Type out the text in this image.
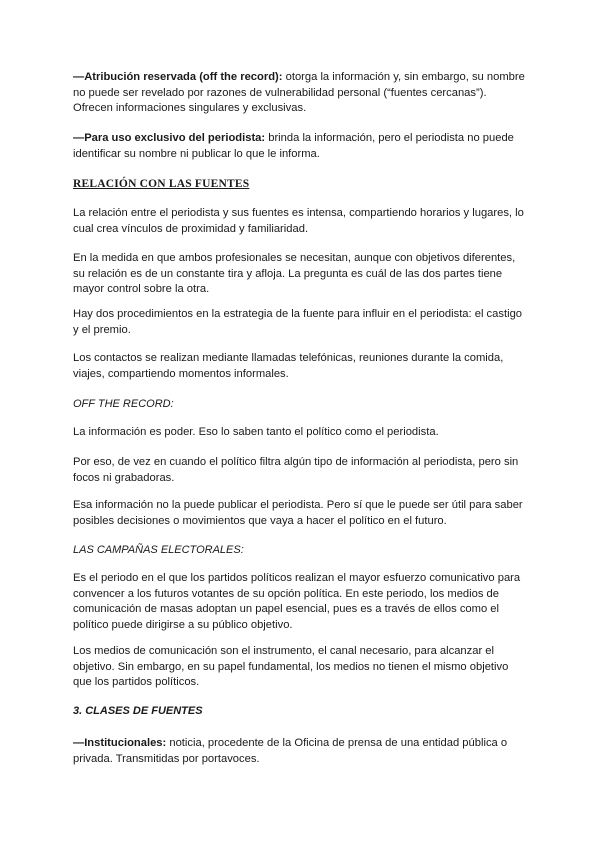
—Atribución reservada (off the record): otorga la información y, sin embargo, su nombre no puede ser revelado por razones de vulnerabilidad personal (“fuentes cercanas”). Ofrecen informaciones singulares y exclusivas.

—Para uso exclusivo del periodista: brinda la información, pero el periodista no puede identificar su nombre ni publicar lo que le informa.

RELACIÓN CON LAS FUENTES

La relación entre el periodista y sus fuentes es intensa, compartiendo horarios y lugares, lo cual crea vínculos de proximidad y familiaridad.

En la medida en que ambos profesionales se necesitan, aunque con objetivos diferentes, su relación es de un constante tira y afloja. La pregunta es cuál de las dos partes tiene mayor control sobre la otra.

Hay dos procedimientos en la estrategia de la fuente para influir en el periodista: el castigo y el premio.

Los contactos se realizan mediante llamadas telefónicas, reuniones durante la comida, viajes, compartiendo momentos informales.

OFF THE RECORD:

La información es poder. Eso lo saben tanto el político como el periodista.

Por eso, de vez en cuando el político filtra algún tipo de información al periodista, pero sin focos ni grabadoras.

Esa información no la puede publicar el periodista. Pero sí que le puede ser útil para saber posibles decisiones o movimientos que vaya a hacer el político en el futuro.

LAS CAMPAÑAS ELECTORALES:

Es el periodo en el que los partidos políticos realizan el mayor esfuerzo comunicativo para convencer a los futuros votantes de su opción política. En este periodo, los medios de comunicación de masas adoptan un papel esencial, pues es a través de ellos como el político puede dirigirse a su público objetivo.

Los medios de comunicación son el instrumento, el canal necesario, para alcanzar el objetivo. Sin embargo, en su papel fundamental, los medios no tienen el mismo objetivo que los partidos políticos.

3. CLASES DE FUENTES

—Institucionales: noticia, procedente de la Oficina de prensa de una entidad pública o privada. Transmitidas por portavoces.
